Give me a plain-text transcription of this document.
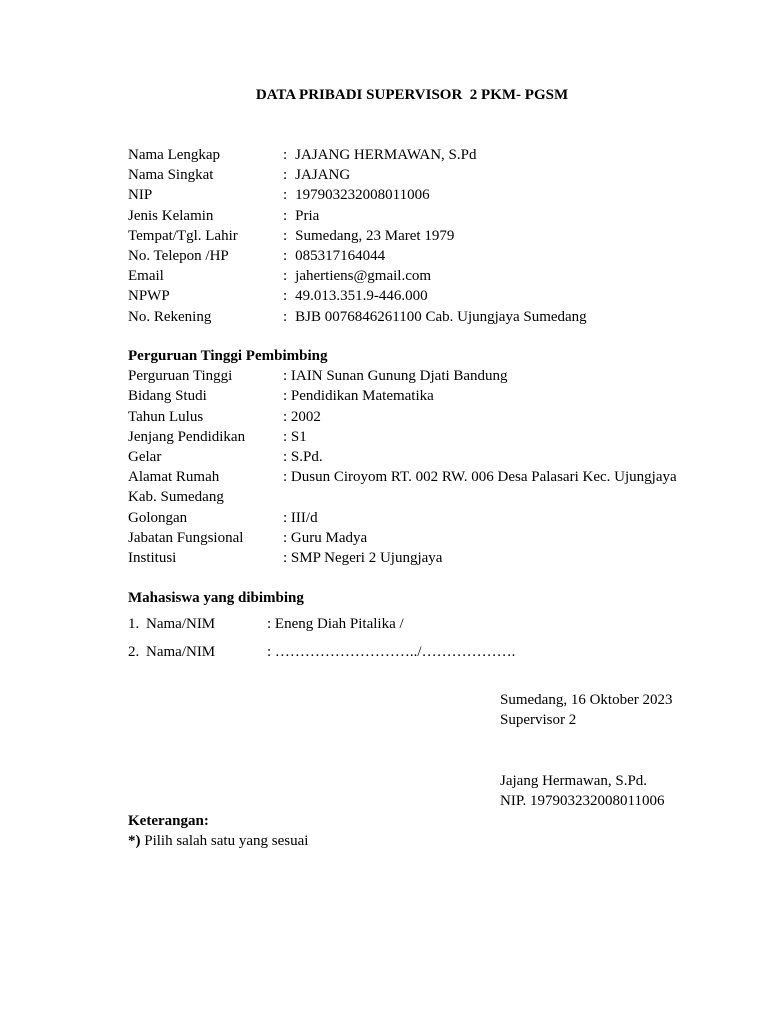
DATA PRIBADI SUPERVISOR  2 PKM- PGSM
Nama Lengkap	: JAJANG HERMAWAN, S.Pd
Nama Singkat	: JAJANG
NIP	: 197903232008011006
Jenis Kelamin	: Pria
Tempat/Tgl. Lahir	: Sumedang, 23 Maret 1979
No. Telepon /HP	: 085317164044
Email	: jahertiens@gmail.com
NPWP	: 49.013.351.9-446.000
No. Rekening	: BJB 0076846261100 Cab. Ujungjaya Sumedang
Perguruan Tinggi Pembimbing
Perguruan Tinggi	: IAIN Sunan Gunung Djati Bandung
Bidang Studi	: Pendidikan Matematika
Tahun Lulus	: 2002
Jenjang Pendidikan	: S1
Gelar	: S.Pd.
Alamat Rumah	: Dusun Ciroyom RT. 002 RW. 006 Desa Palasari Kec. Ujungjaya
Kab. Sumedang
Golongan	: III/d
Jabatan Fungsional	: Guru Madya
Institusi	: SMP Negeri 2 Ujungjaya
Mahasiswa yang dibimbing
1. Nama/NIM	: Eneng Diah Pitalika /
2. Nama/NIM	: ………………………../……………….
Sumedang, 16 Oktober 2023
Supervisor 2
Jajang Hermawan, S.Pd.
NIP. 197903232008011006
Keterangan:
*) Pilih salah satu yang sesuai
